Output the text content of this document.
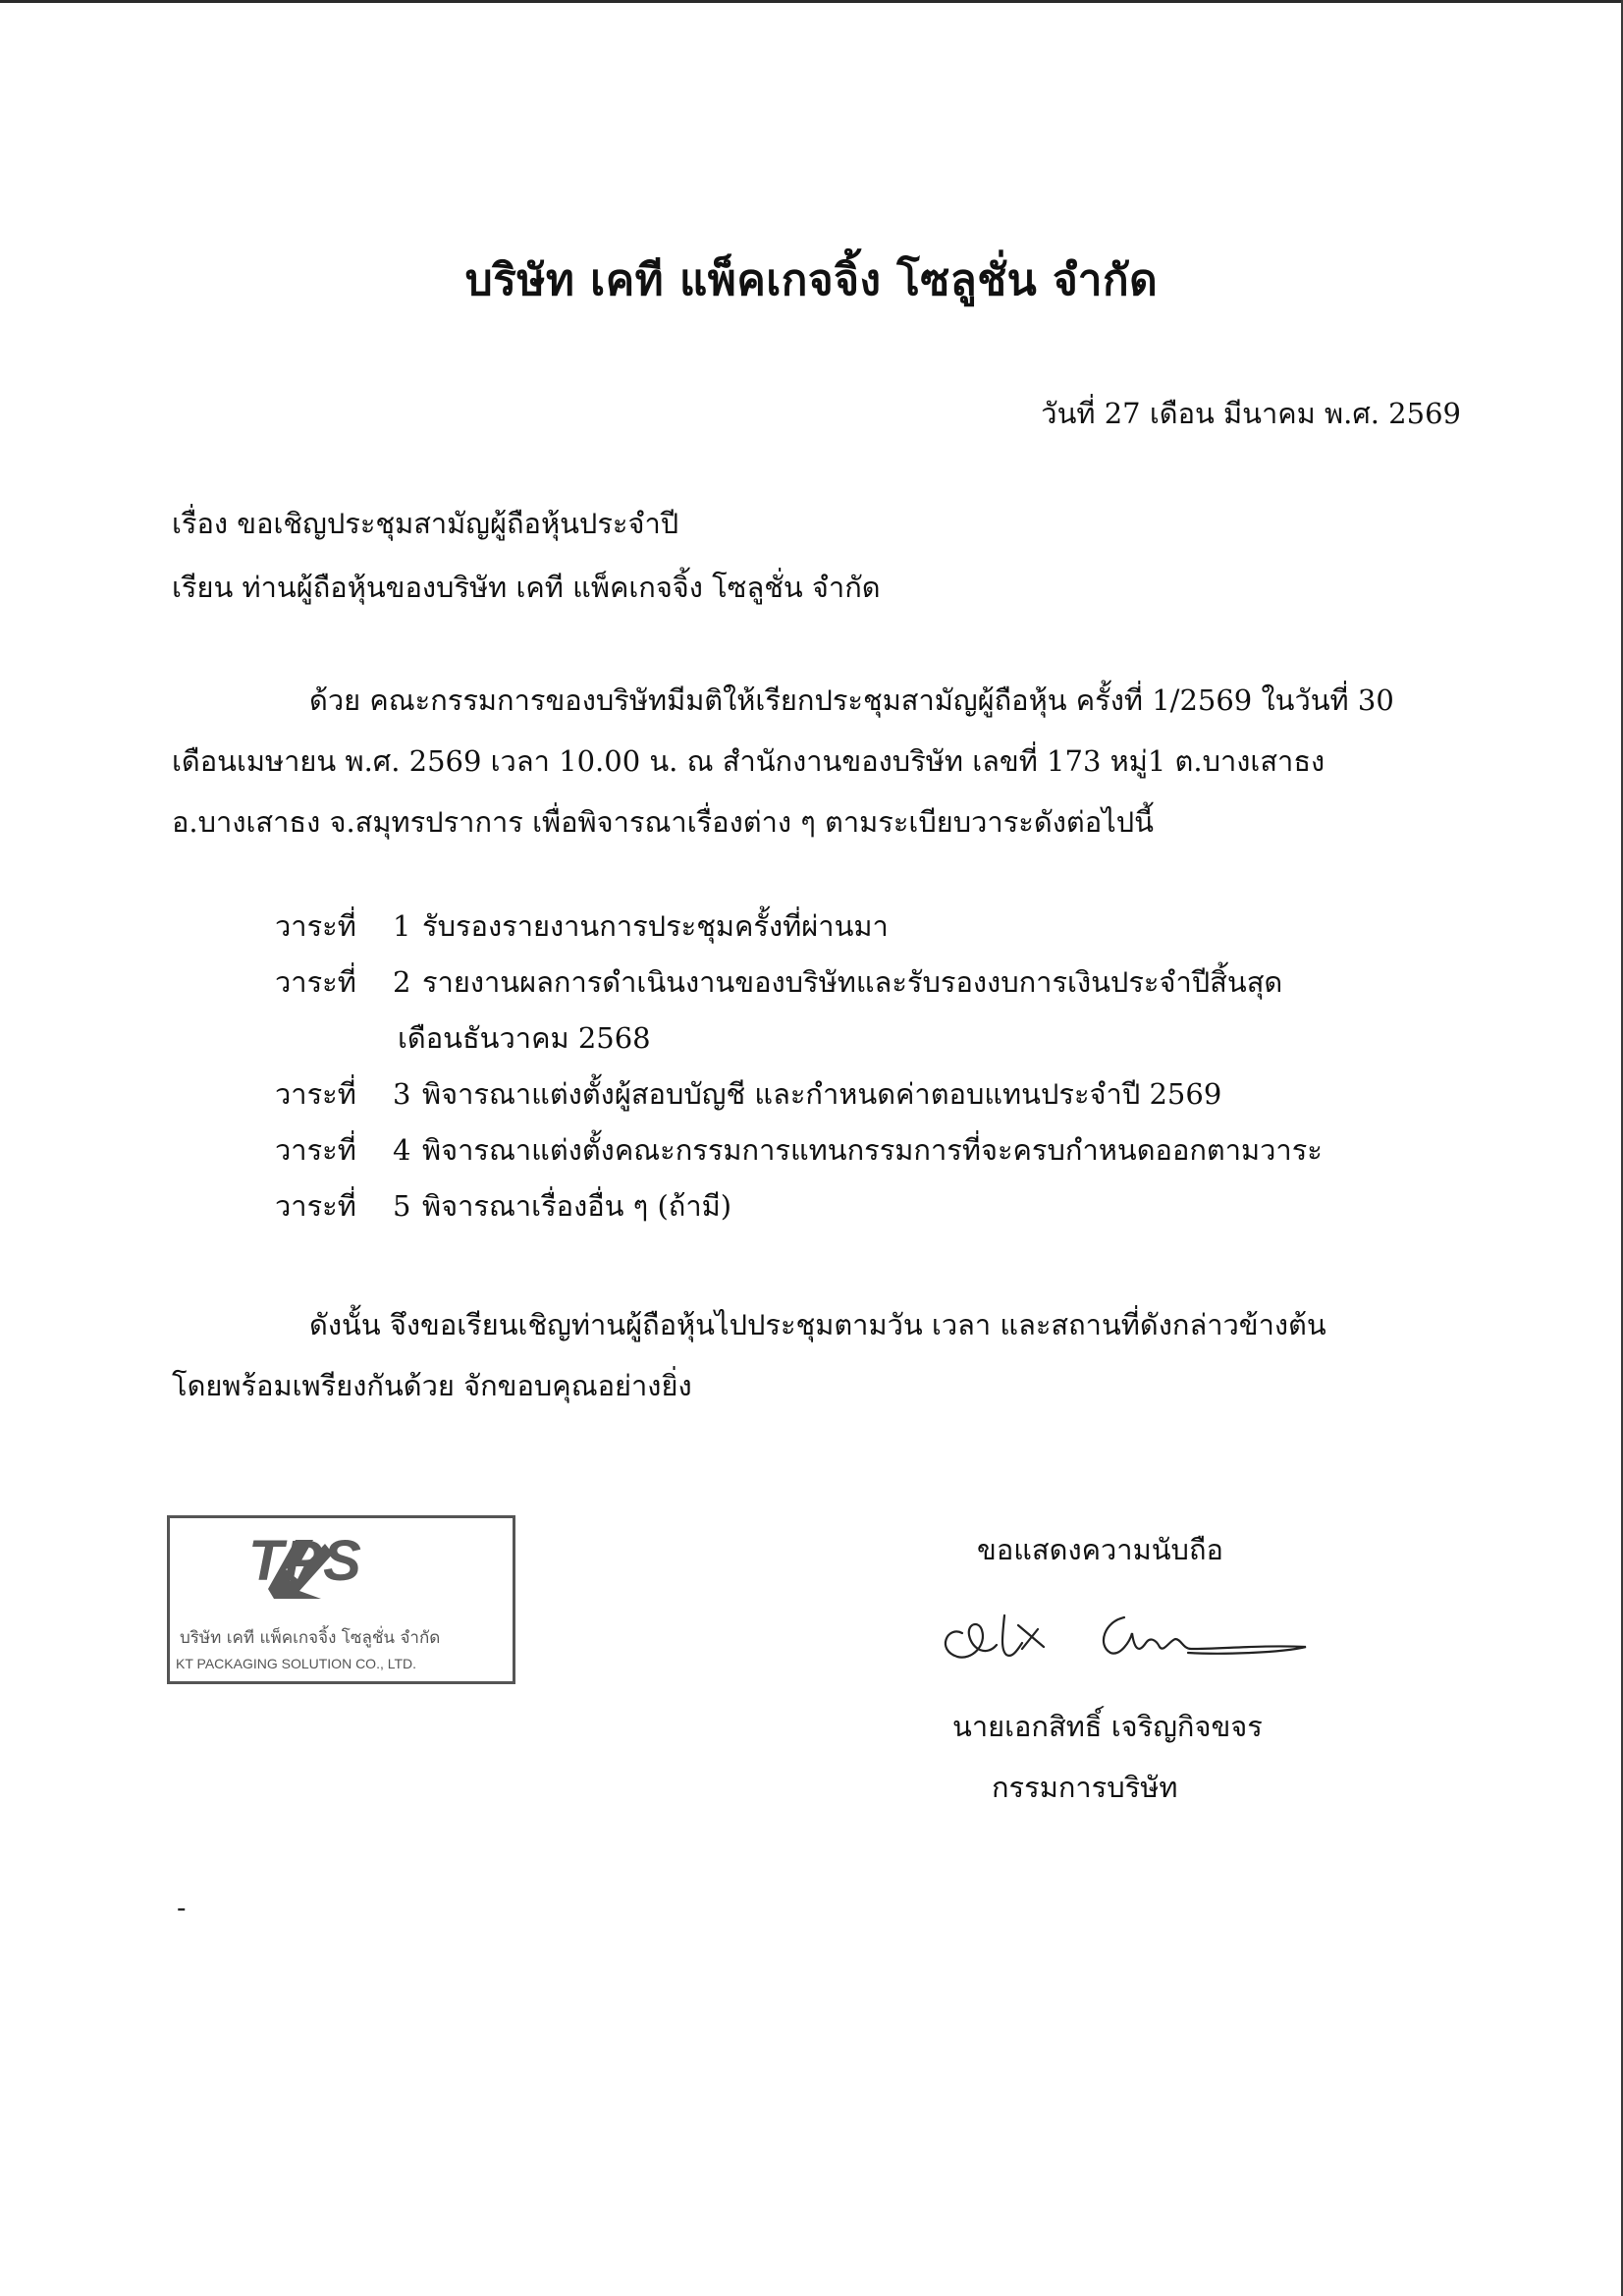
บริษัท เคที แพ็คเกจจิ้ง โซลูชั่น จำกัด
วันที่ 27 เดือน มีนาคม พ.ศ. 2569
เรื่อง ขอเชิญประชุมสามัญผู้ถือหุ้นประจำปี
เรียน ท่านผู้ถือหุ้นของบริษัท เคที แพ็คเกจจิ้ง โซลูชั่น จำกัด
ด้วย คณะกรรมการของบริษัทมีมติให้เรียกประชุมสามัญผู้ถือหุ้น ครั้งที่ 1/2569 ในวันที่ 30
เดือนเมษายน พ.ศ. 2569 เวลา 10.00 น. ณ สำนักงานของบริษัท เลขที่ 173 หมู่1 ต.บางเสาธง
อ.บางเสาธง จ.สมุทรปราการ เพื่อพิจารณาเรื่องต่าง ๆ ตามระเบียบวาระดังต่อไปนี้
วาระที่	1 รับรองรายงานการประชุมครั้งที่ผ่านมา
วาระที่	2 รายงานผลการดำเนินงานของบริษัทและรับรองงบการเงินประจำปีสิ้นสุด
เดือนธันวาคม 2568
วาระที่	3 พิจารณาแต่งตั้งผู้สอบบัญชี และกำหนดค่าตอบแทนประจำปี 2569
วาระที่	4 พิจารณาแต่งตั้งคณะกรรมการแทนกรรมการที่จะครบกำหนดออกตามวาระ
วาระที่	5 พิจารณาเรื่องอื่น ๆ (ถ้ามี)
ดังนั้น จึงขอเรียนเชิญท่านผู้ถือหุ้นไปประชุมตามวัน เวลา และสถานที่ดังกล่าวข้างต้น
โดยพร้อมเพรียงกันด้วย จักขอบคุณอย่างยิ่ง
TPS
บริษัท เคที แพ็คเกจจิ้ง โซลูชั่น จำกัด
KT PACKAGING SOLUTION CO., LTD.
ขอแสดงความนับถือ
นายเอกสิทธิ์ เจริญกิจขจร
กรรมการบริษัท
-
